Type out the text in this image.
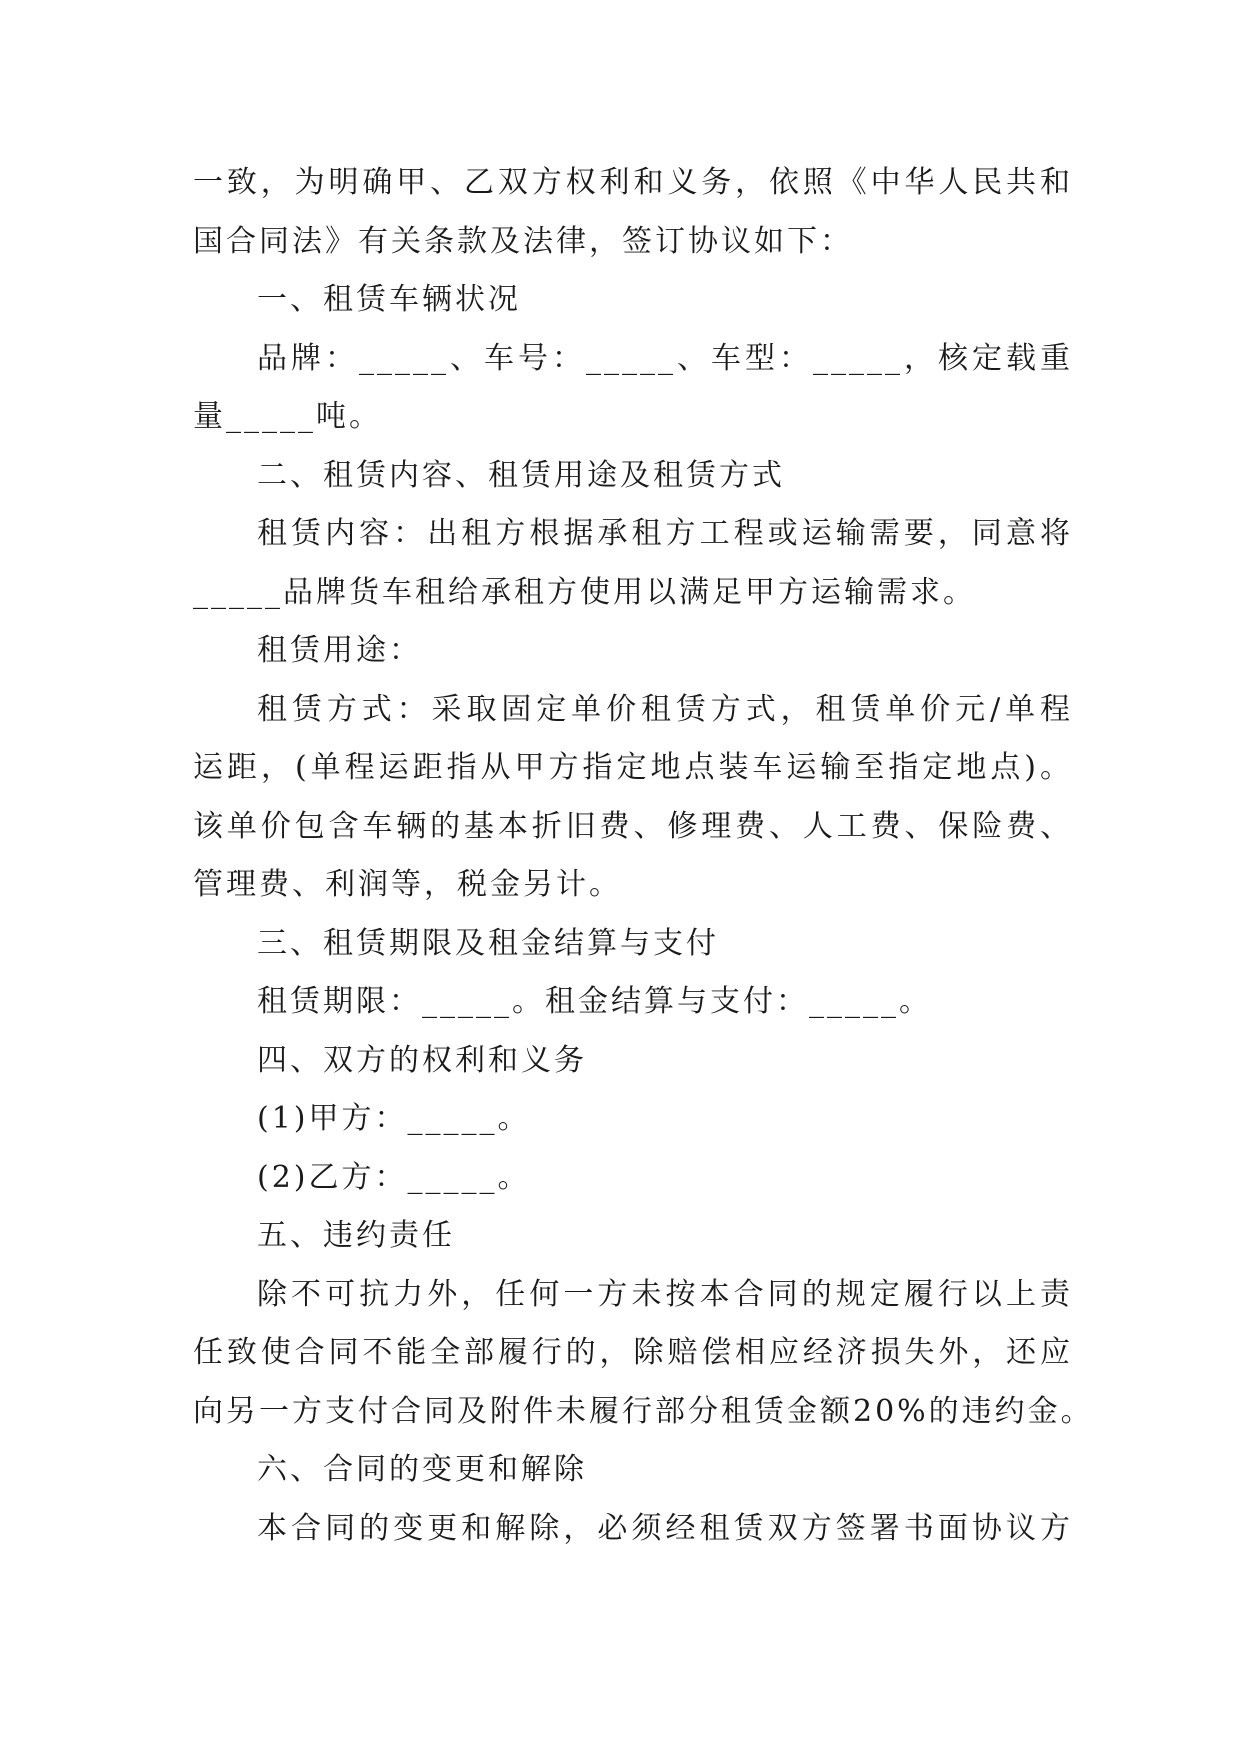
一致，为明确甲、乙双方权利和义务，依照《中华人民共和
国合同法》有关条款及法律，签订协议如下：
一、租赁车辆状况
品牌：_____、车号：_____、车型：_____，核定载重
量_____吨。
二、租赁内容、租赁用途及租赁方式
租赁内容：出租方根据承租方工程或运输需要，同意将
_____品牌货车租给承租方使用以满足甲方运输需求。
租赁用途：
租赁方式：采取固定单价租赁方式，租赁单价元/单程
运距，(单程运距指从甲方指定地点装车运输至指定地点)。
该单价包含车辆的基本折旧费、修理费、人工费、保险费、
管理费、利润等，税金另计。
三、租赁期限及租金结算与支付
租赁期限：_____。租金结算与支付：_____。
四、双方的权利和义务
(1)甲方：_____。
(2)乙方：_____。
五、违约责任
除不可抗力外，任何一方未按本合同的规定履行以上责
任致使合同不能全部履行的，除赔偿相应经济损失外，还应
向另一方支付合同及附件未履行部分租赁金额20%的违约金。
六、合同的变更和解除
本合同的变更和解除，必须经租赁双方签署书面协议方
